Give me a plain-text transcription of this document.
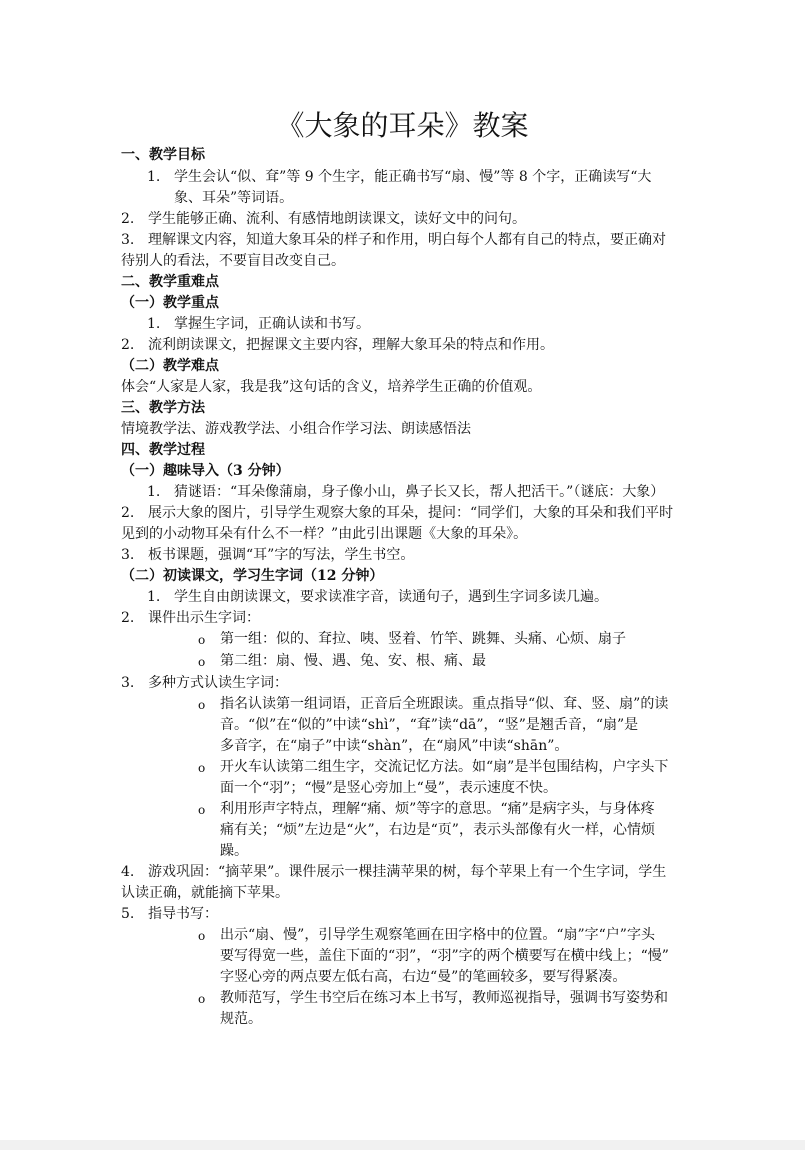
《大象的耳朵》教案
一、教学目标
1. 学生会认“似、耷”等 9 个生字，能正确书写“扇、慢”等 8 个字，正确读写“大
象、耳朵”等词语。
2. 学生能够正确、流利、有感情地朗读课文，读好文中的问句。
3. 理解课文内容，知道大象耳朵的样子和作用，明白每个人都有自己的特点，要正确对
待别人的看法，不要盲目改变自己。
二、教学重难点
（一）教学重点
1. 掌握生字词，正确认读和书写。
2. 流利朗读课文，把握课文主要内容，理解大象耳朵的特点和作用。
（二）教学难点
体会“人家是人家，我是我”这句话的含义，培养学生正确的价值观。
三、教学方法
情境教学法、游戏教学法、小组合作学习法、朗读感悟法
四、教学过程
（一）趣味导入（3 分钟）
1. 猜谜语：“耳朵像蒲扇，身子像小山，鼻子长又长，帮人把活干。”（谜底：大象）
2. 展示大象的图片，引导学生观察大象的耳朵，提问：“同学们，大象的耳朵和我们平时
见到的小动物耳朵有什么不一样？”由此引出课题《大象的耳朵》。
3. 板书课题，强调“耳”字的写法，学生书空。
（二）初读课文，学习生字词（12 分钟）
1. 学生自由朗读课文，要求读准字音，读通句子，遇到生字词多读几遍。
2. 课件出示生字词：
o 第一组：似的、耷拉、咦、竖着、竹竿、跳舞、头痛、心烦、扇子
o 第二组：扇、慢、遇、兔、安、根、痛、最
3. 多种方式认读生字词：
o 指名认读第一组词语，正音后全班跟读。重点指导“似、耷、竖、扇”的读
音。“似”在“似的”中读“shì”，“耷”读“dā”，“竖”是翘舌音，“扇”是
多音字，在“扇子”中读“shàn”，在“扇风”中读“shān”。
o 开火车认读第二组生字，交流记忆方法。如“扇”是半包围结构，户字头下
面一个“羽”；“慢”是竖心旁加上“曼”，表示速度不快。
o 利用形声字特点，理解“痛、烦”等字的意思。“痛”是病字头，与身体疼
痛有关；“烦”左边是“火”，右边是“页”，表示头部像有火一样，心情烦
躁。
4. 游戏巩固：“摘苹果”。课件展示一棵挂满苹果的树，每个苹果上有一个生字词，学生
认读正确，就能摘下苹果。
5. 指导书写：
o 出示“扇、慢”，引导学生观察笔画在田字格中的位置。“扇”字“户”字头
要写得宽一些，盖住下面的“羽”，“羽”字的两个横要写在横中线上；“慢”
字竖心旁的两点要左低右高，右边“曼”的笔画较多，要写得紧凑。
o 教师范写，学生书空后在练习本上书写，教师巡视指导，强调书写姿势和
规范。
